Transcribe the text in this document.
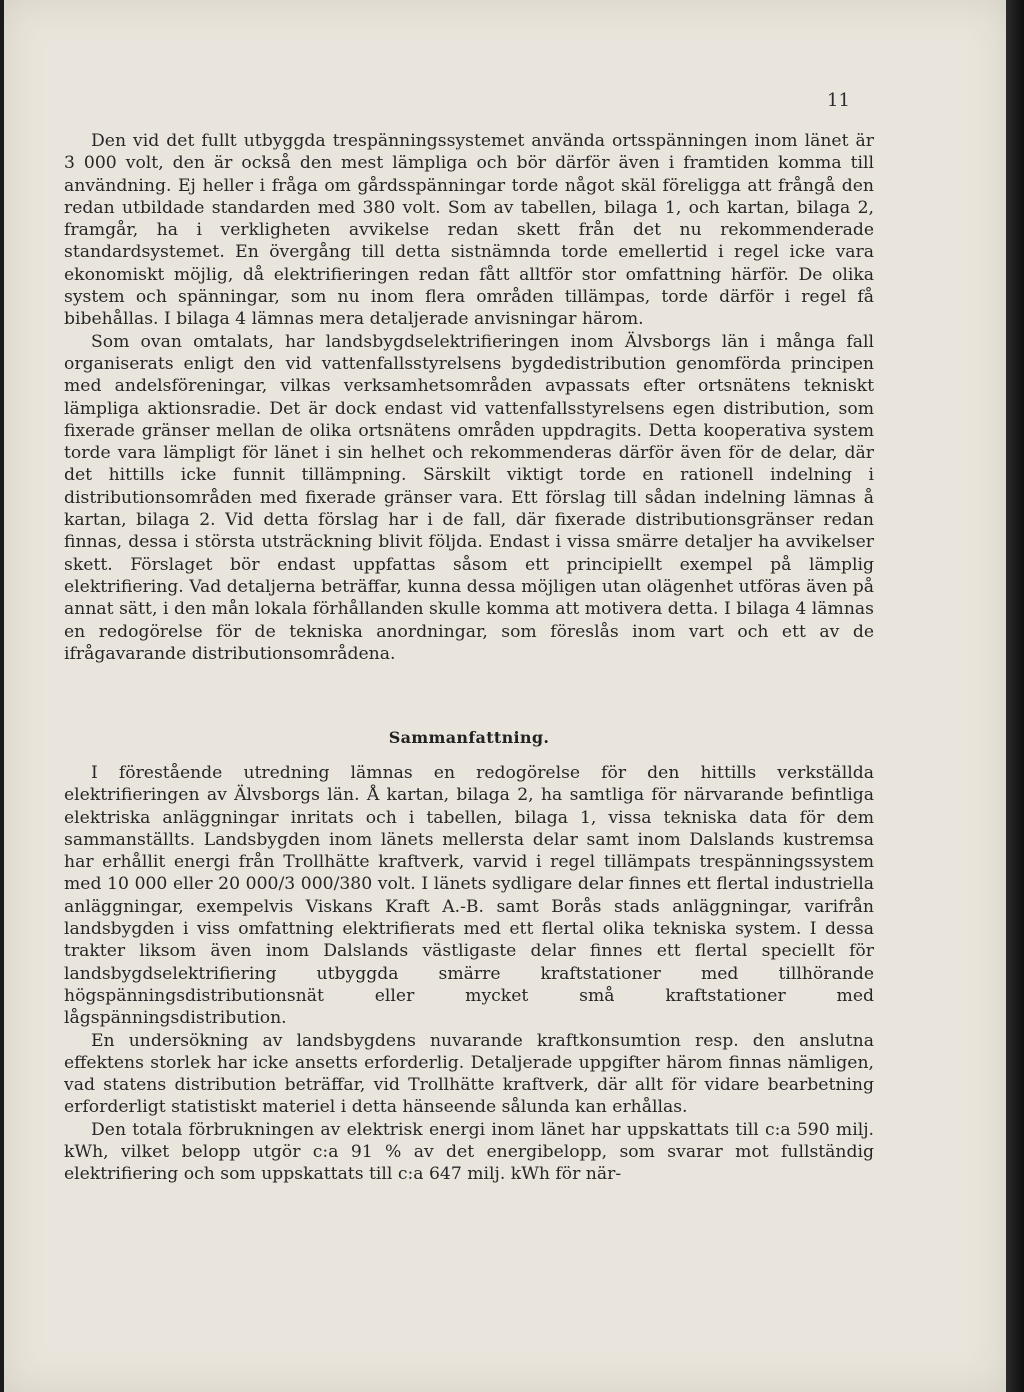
11

Den vid det fullt utbyggda trespänningssystemet använda ortsspänningen inom länet är 3 000 volt, den är också den mest lämpliga och bör därför även i framtiden komma till användning. Ej heller i fråga om gårdsspänningar torde något skäl föreligga att frångå den redan utbildade standarden med 380 volt. Som av tabellen, bilaga 1, och kartan, bilaga 2, framgår, ha i verkligheten avvikelse redan skett från det nu rekommenderade standardsystemet. En övergång till detta sistnämnda torde emellertid i regel icke vara ekonomiskt möjlig, då elektrifieringen redan fått alltför stor omfattning härför. De olika system och spänningar, som nu inom flera områden tillämpas, torde därför i regel få bibehållas. I bilaga 4 lämnas mera detaljerade anvisningar härom.

Som ovan omtalats, har landsbygdselektrifieringen inom Älvsborgs län i många fall organiserats enligt den vid vattenfallsstyrelsens bygdedistribution genomförda principen med andelsföreningar, vilkas verksamhetsområden avpassats efter ortsnätens tekniskt lämpliga aktionsradie. Det är dock endast vid vattenfallsstyrelsens egen distribution, som fixerade gränser mellan de olika ortsnätens områden uppdragits. Detta kooperativa system torde vara lämpligt för länet i sin helhet och rekommenderas därför även för de delar, där det hittills icke funnit tillämpning. Särskilt viktigt torde en rationell indelning i distributionsområden med fixerade gränser vara. Ett förslag till sådan indelning lämnas å kartan, bilaga 2. Vid detta förslag har i de fall, där fixerade distributionsgränser redan finnas, dessa i största utsträckning blivit följda. Endast i vissa smärre detaljer ha avvikelser skett. Förslaget bör endast uppfattas såsom ett principiellt exempel på lämplig elektrifiering. Vad detaljerna beträffar, kunna dessa möjligen utan olägenhet utföras även på annat sätt, i den mån lokala förhållanden skulle komma att motivera detta. I bilaga 4 lämnas en redogörelse för de tekniska anordningar, som föreslås inom vart och ett av de ifrågavarande distributionsområdena.

Sammanfattning.

I förestående utredning lämnas en redogörelse för den hittills verkställda elektrifieringen av Älvsborgs län. Å kartan, bilaga 2, ha samtliga för närvarande befintliga elektriska anläggningar inritats och i tabellen, bilaga 1, vissa tekniska data för dem sammanställts. Landsbygden inom länets mellersta delar samt inom Dalslands kustremsa har erhållit energi från Trollhätte kraftverk, varvid i regel tillämpats trespänningssystem med 10 000 eller 20 000/3 000/380 volt. I länets sydligare delar finnes ett flertal industriella anläggningar, exempelvis Viskans Kraft A.-B. samt Borås stads anläggningar, varifrån landsbygden i viss omfattning elektrifierats med ett flertal olika tekniska system. I dessa trakter liksom även inom Dalslands västligaste delar finnes ett flertal speciellt för landsbygdselektrifiering utbyggda smärre kraftstationer med tillhörande högspänningsdistributionsnät eller mycket små kraftstationer med lågspänningsdistribution.

En undersökning av landsbygdens nuvarande kraftkonsumtion resp. den anslutna effektens storlek har icke ansetts erforderlig. Detaljerade uppgifter härom finnas nämligen, vad statens distribution beträffar, vid Trollhätte kraftverk, där allt för vidare bearbetning erforderligt statistiskt materiel i detta hänseende sålunda kan erhållas.

Den totala förbrukningen av elektrisk energi inom länet har uppskattats till c:a 590 milj. kWh, vilket belopp utgör c:a 91 % av det energibelopp, som svarar mot fullständig elektrifiering och som uppskattats till c:a 647 milj. kWh för när-
